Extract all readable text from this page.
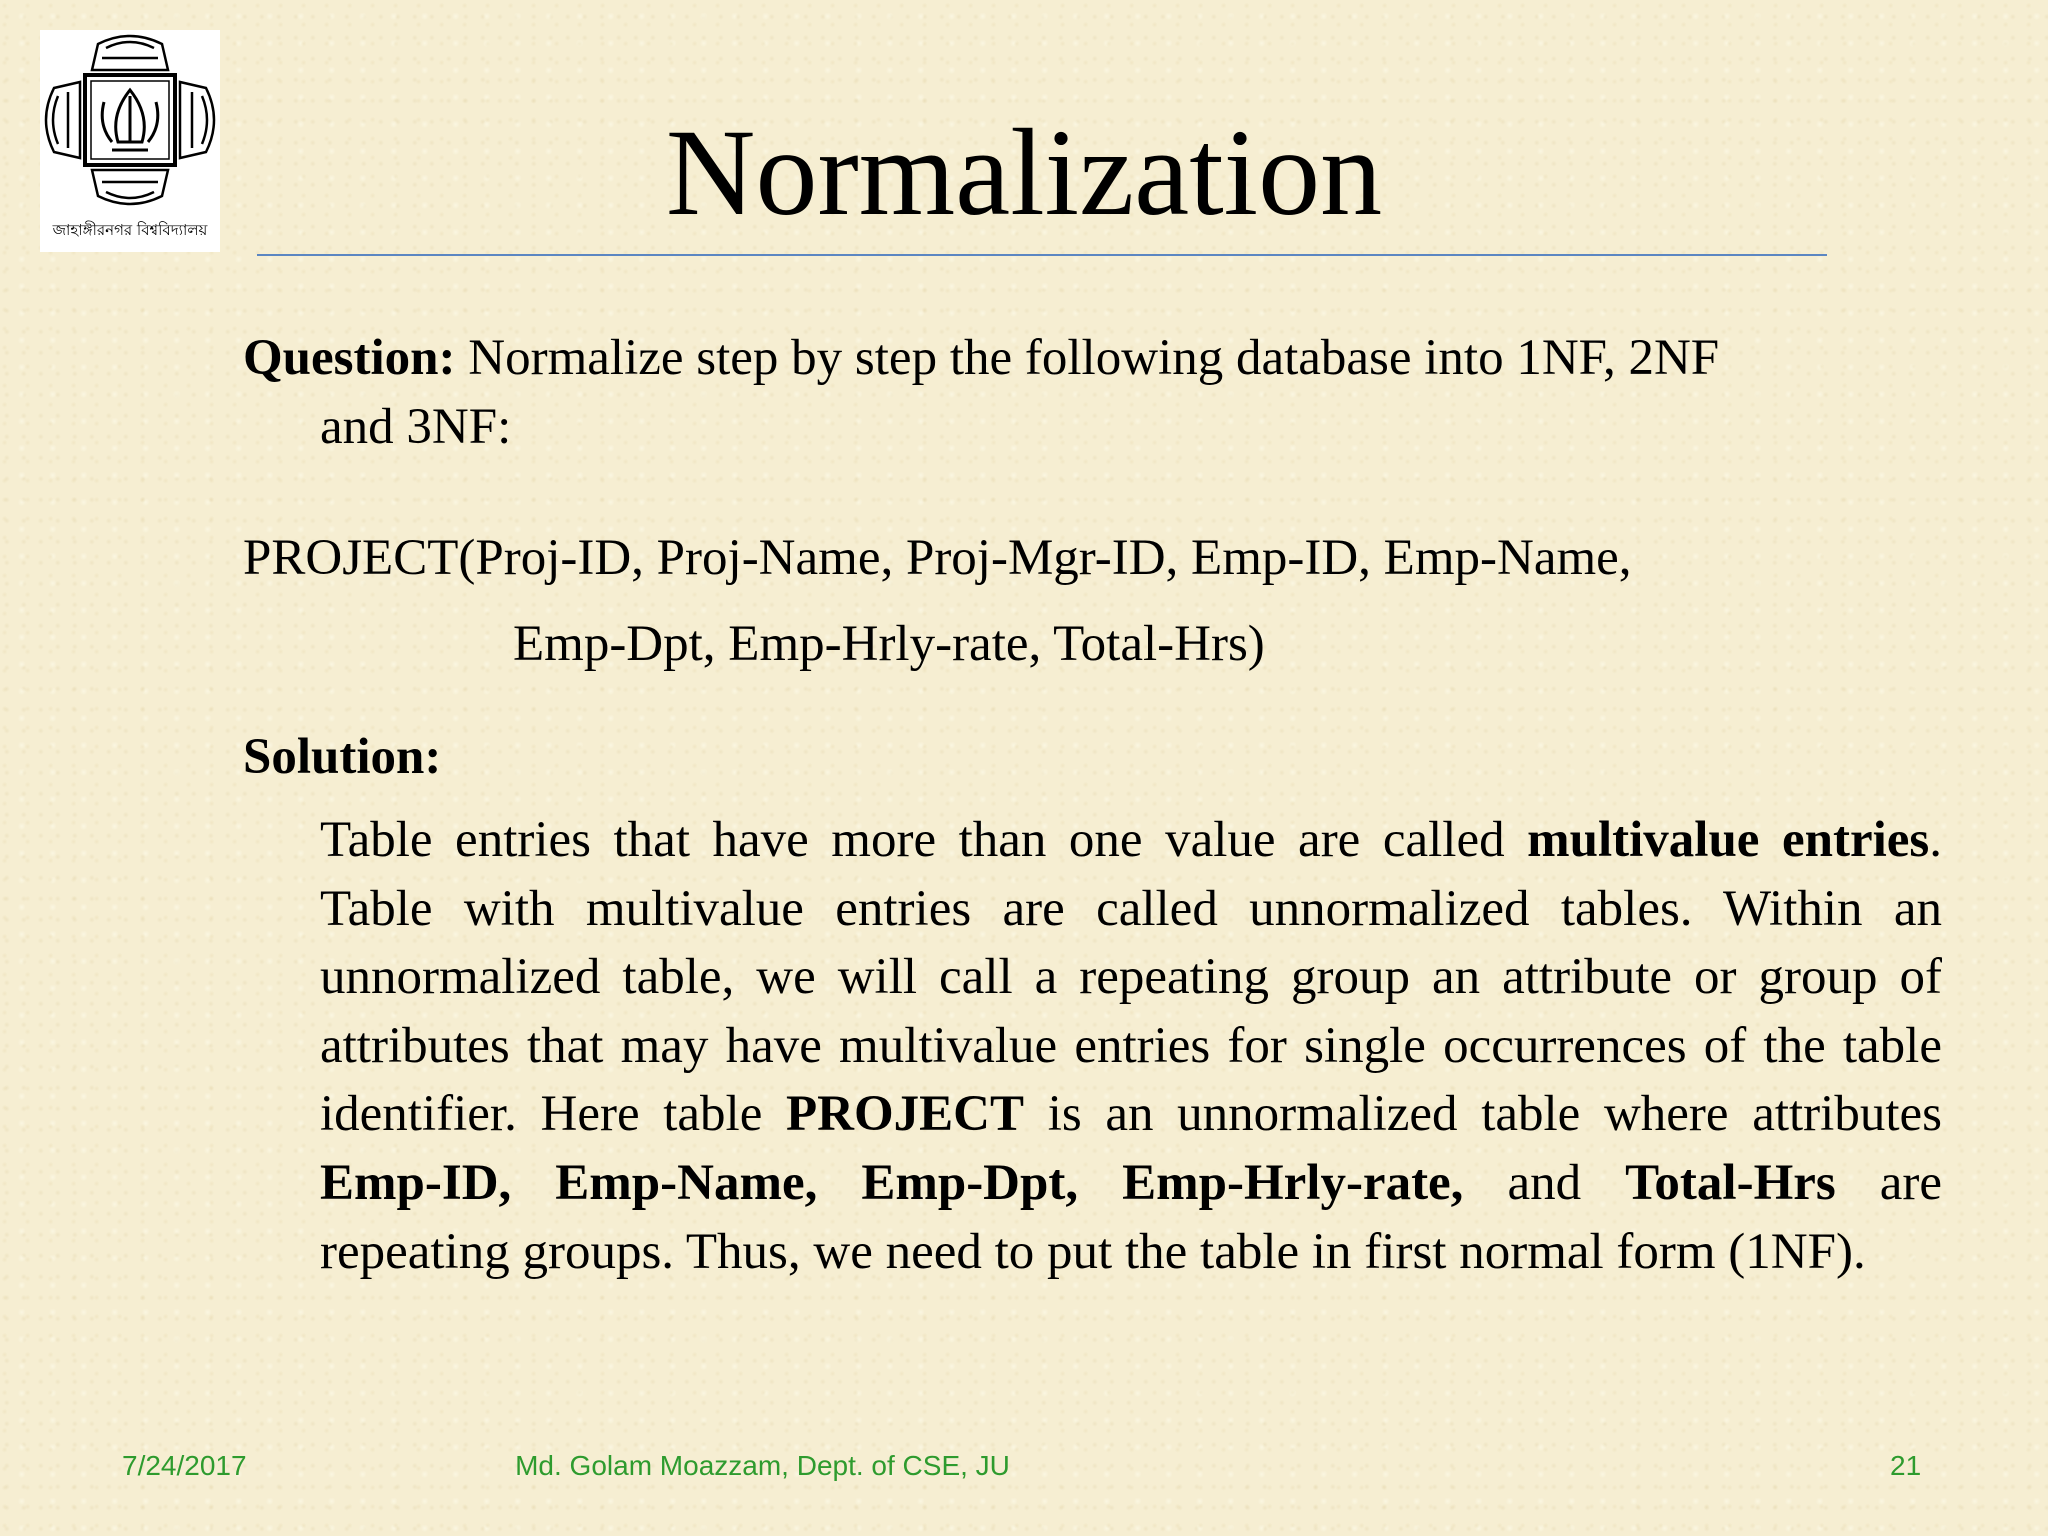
জাহাঙ্গীরনগর বিশ্ববিদ্যালয়	Normalization
Question: Normalize step by step the following database into 1NF, 2NF
and 3NF:
PROJECT(Proj-ID, Proj-Name, Proj-Mgr-ID, Emp-ID, Emp-Name,
Emp-Dpt, Emp-Hrly-rate, Total-Hrs)
Solution:
Table entries that have more than one value are called multivalue entries. Table with multivalue entries are called unnormalized tables. Within an unnormalized table, we will call a repeating group an attribute or group of attributes that may have multivalue entries for single occurrences of the table identifier. Here table PROJECT is an unnormalized table where attributes Emp-ID, Emp-Name, Emp-Dpt, Emp-Hrly-rate, and Total-Hrs are repeating groups. Thus, we need to put the table in first normal form (1NF).
7/24/2017	Md. Golam Moazzam, Dept. of CSE, JU	21
